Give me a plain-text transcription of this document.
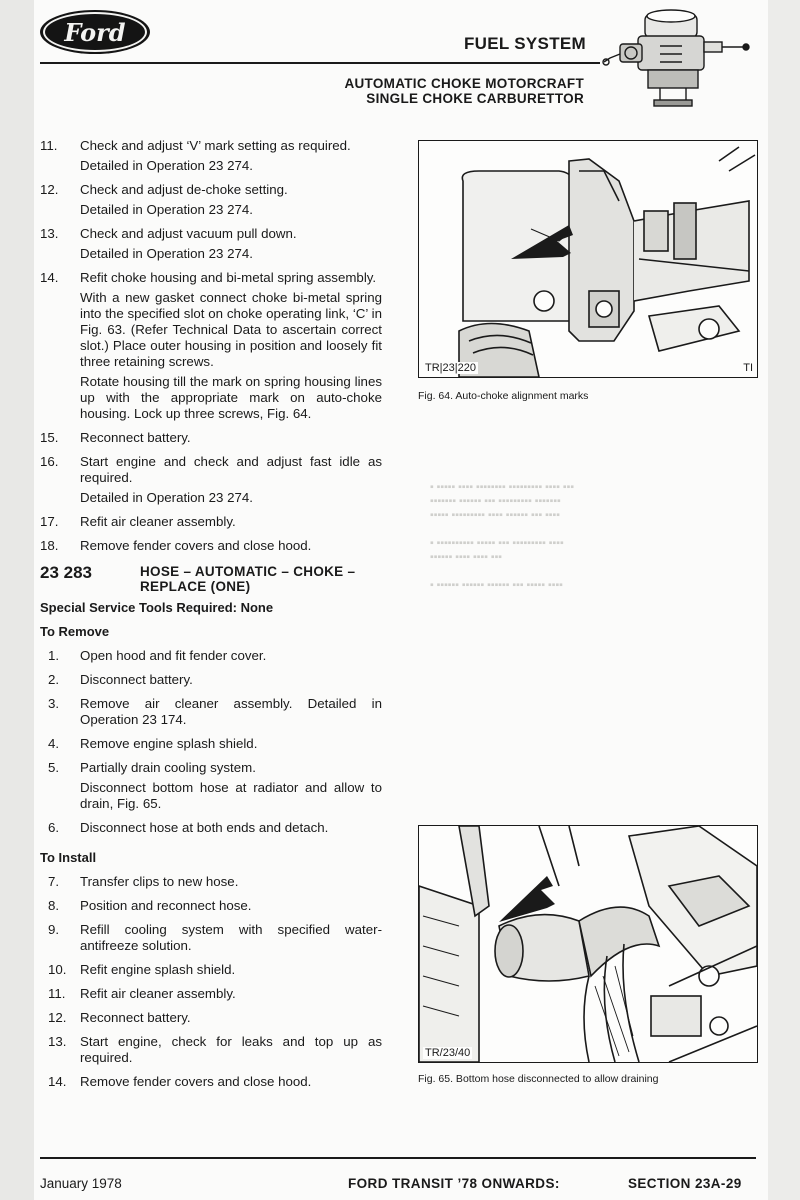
▪ ▪▪▪▪▪ ▪▪▪▪ ▪▪▪▪▪▪▪▪ ▪▪▪▪▪▪▪▪▪ ▪▪▪▪ ▪▪▪
▪▪▪▪▪▪▪ ▪▪▪▪▪▪ ▪▪▪ ▪▪▪▪▪▪▪▪▪ ▪▪▪▪▪▪▪
▪▪▪▪▪ ▪▪▪▪▪▪▪▪▪ ▪▪▪▪ ▪▪▪▪▪▪ ▪▪▪ ▪▪▪▪

▪ ▪▪▪▪▪▪▪▪▪▪ ▪▪▪▪▪ ▪▪▪ ▪▪▪▪▪▪▪▪▪ ▪▪▪▪
▪▪▪▪▪▪ ▪▪▪▪ ▪▪▪▪ ▪▪▪

▪ ▪▪▪▪▪▪ ▪▪▪▪▪▪ ▪▪▪▪▪▪ ▪▪▪ ▪▪▪▪▪ ▪▪▪▪
Ford	FUEL SYSTEM
AUTOMATIC CHOKE MOTORCRAFT
SINGLE CHOKE CARBURETTOR
11.	Check and adjust ‘V’ mark setting as required.

Detailed in Operation 23 274.

12.	Check and adjust de-choke setting.

Detailed in Operation 23 274.

13.	Check and adjust vacuum pull down.

Detailed in Operation 23 274.

14.	Refit choke housing and bi-metal spring assembly.

With a new gasket connect choke bi-metal spring into the specified slot on choke operating link, ‘C’ in Fig. 63. (Refer Technical Data to ascertain correct slot.) Place outer housing in position and loosely fit three retaining screws.

Rotate housing till the mark on spring housing lines up with the appropriate mark on auto-choke housing. Lock up three screws, Fig. 64.

15.	Reconnect battery.

16.	Start engine and check and adjust fast idle as required.

Detailed in Operation 23 274.

17.	Refit air cleaner assembly.

18.	Remove fender covers and close hood.

23 283	HOSE – AUTOMATIC – CHOKE –
REPLACE (ONE)
Special Service Tools Required: None
To Remove
1.	Open hood and fit fender cover.

2.	Disconnect battery.

3.	Remove air cleaner assembly. Detailed in Operation 23 174.

4.	Remove engine splash shield.

5.	Partially drain cooling system.

Disconnect bottom hose at radiator and allow to drain, Fig. 65.

6.	Disconnect hose at both ends and detach.

To Install
7.	Transfer clips to new hose.

8.	Position and reconnect hose.

9.	Refill cooling system with specified water-antifreeze solution.

10.	Refit engine splash shield.

11.	Refit air cleaner assembly.

12.	Reconnect battery.

13.	Start engine, check for leaks and top up as required.

14.	Remove fender covers and close hood.

TR|23|220	TI
Fig. 64. Auto-choke alignment marks
TR/23/40
Fig. 65. Bottom hose disconnected to allow draining
January 1978	FORD TRANSIT ’78 ONWARDS:	SECTION 23A-29
